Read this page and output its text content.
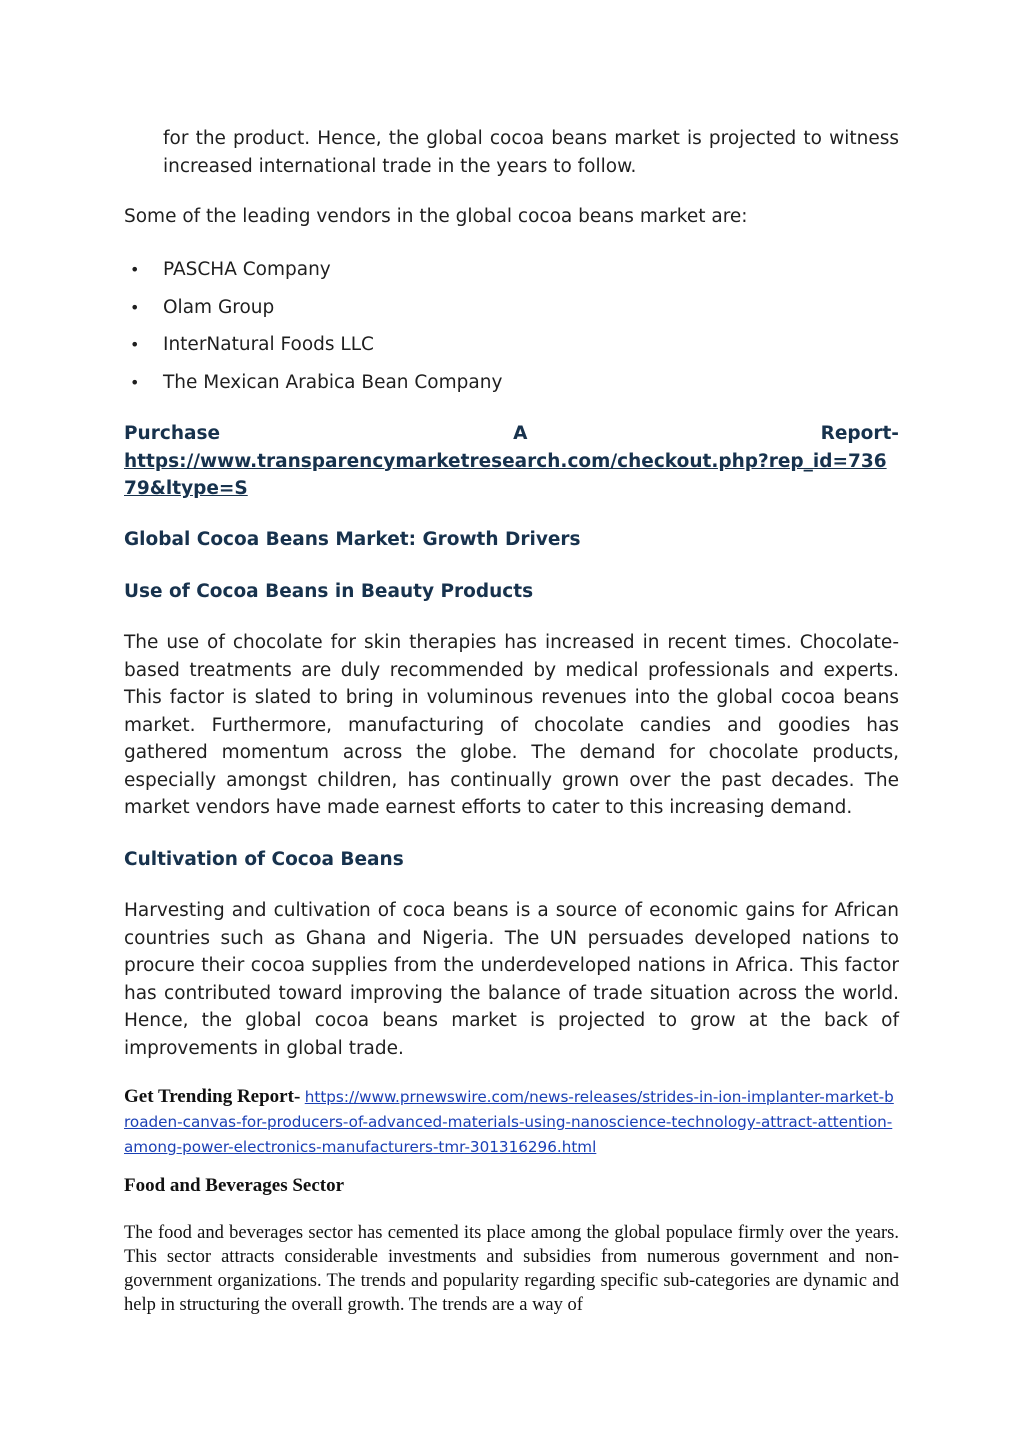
for the product. Hence, the global cocoa beans market is projected to witness increased international trade in the years to follow.

Some of the leading vendors in the global cocoa beans market are:

• PASCHA Company
• Olam Group
• InterNatural Foods LLC
• The Mexican Arabica Bean Company
Purchase	A	Report-
https://www.transparencymarketresearch.com/checkout.php?rep_id=73679&ltype=S

Global Cocoa Beans Market: Growth Drivers

Use of Cocoa Beans in Beauty Products

The use of chocolate for skin therapies has increased in recent times. Chocolate-based treatments are duly recommended by medical professionals and experts. This factor is slated to bring in voluminous revenues into the global cocoa beans market. Furthermore, manufacturing of chocolate candies and goodies has gathered momentum across the globe. The demand for chocolate products, especially amongst children, has continually grown over the past decades. The market vendors have made earnest efforts to cater to this increasing demand.

Cultivation of Cocoa Beans

Harvesting and cultivation of coca beans is a source of economic gains for African countries such as Ghana and Nigeria. The UN persuades developed nations to procure their cocoa supplies from the underdeveloped nations in Africa. This factor has contributed toward improving the balance of trade situation across the world. Hence, the global cocoa beans market is projected to grow at the back of improvements in global trade.

Get Trending Report- https://www.prnewswire.com/news-releases/strides-in-ion-implanter-market-broaden-canvas-for-producers-of-advanced-materials-using-nanoscience-technology-attract-attention-among-power-electronics-manufacturers-tmr-301316296.html

Food and Beverages Sector

The food and beverages sector has cemented its place among the global populace firmly over the years. This sector attracts considerable investments and subsidies from numerous government and non-government organizations. The trends and popularity regarding specific sub-categories are dynamic and help in structuring the overall growth. The trends are a way of
